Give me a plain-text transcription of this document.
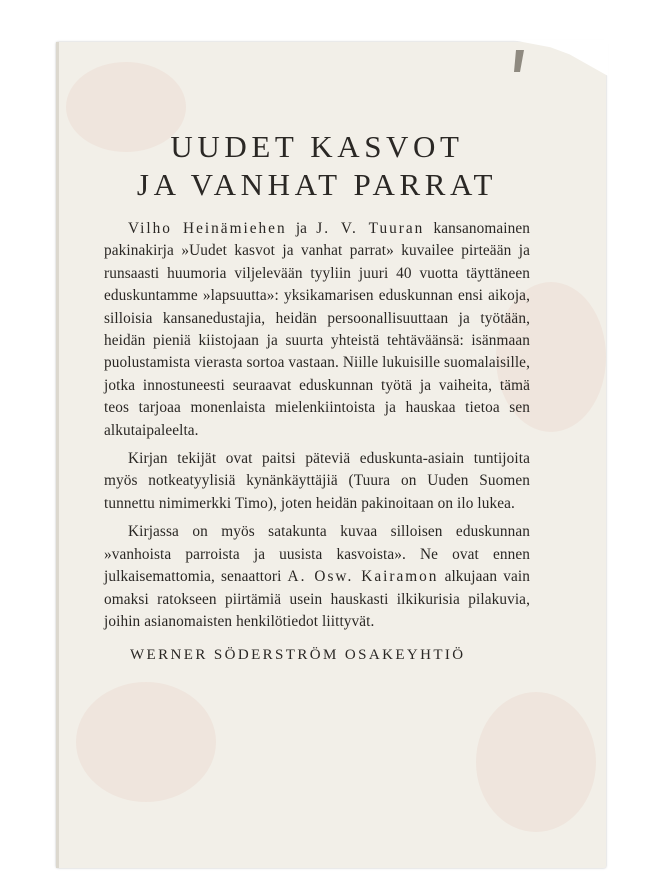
UUDET KASVOT
JA VANHAT PARRAT

Vilho Heinämiehen ja J. V. Tuuran kansanomainen pakinakirja »Uudet kasvot ja vanhat parrat» kuvailee pirteään ja runsaasti huumoria viljelevään tyyliin juuri 40 vuotta täyttäneen eduskuntamme »lapsuutta»: yksikamarisen eduskunnan ensi aikoja, silloisia kansanedustajia, heidän persoonallisuuttaan ja työtään, heidän pieniä kiistojaan ja suurta yhteistä tehtäväänsä: isänmaan puolustamista vierasta sortoa vastaan. Niille lukuisille suomalaisille, jotka innostuneesti seuraavat eduskunnan työtä ja vaiheita, tämä teos tarjoaa monenlaista mielenkiintoista ja hauskaa tietoa sen alkutaipaleelta.

Kirjan tekijät ovat paitsi päteviä eduskunta-asiain tuntijoita myös notkeatyylisiä kynänkäyttäjiä (Tuura on Uuden Suomen tunnettu nimimerkki Timo), joten heidän pakinoitaan on ilo lukea.

Kirjassa on myös satakunta kuvaa silloisen eduskunnan »vanhoista parroista ja uusista kasvoista». Ne ovat ennen julkaisemattomia, senaattori A. Osw. Kairamon alkujaan vain omaksi ratokseen piirtämiä usein hauskasti ilkikurisia pilakuvia, joihin asianomaisten henkilötiedot liittyvät.

WERNER SÖDERSTRÖM OSAKEYHTIÖ
